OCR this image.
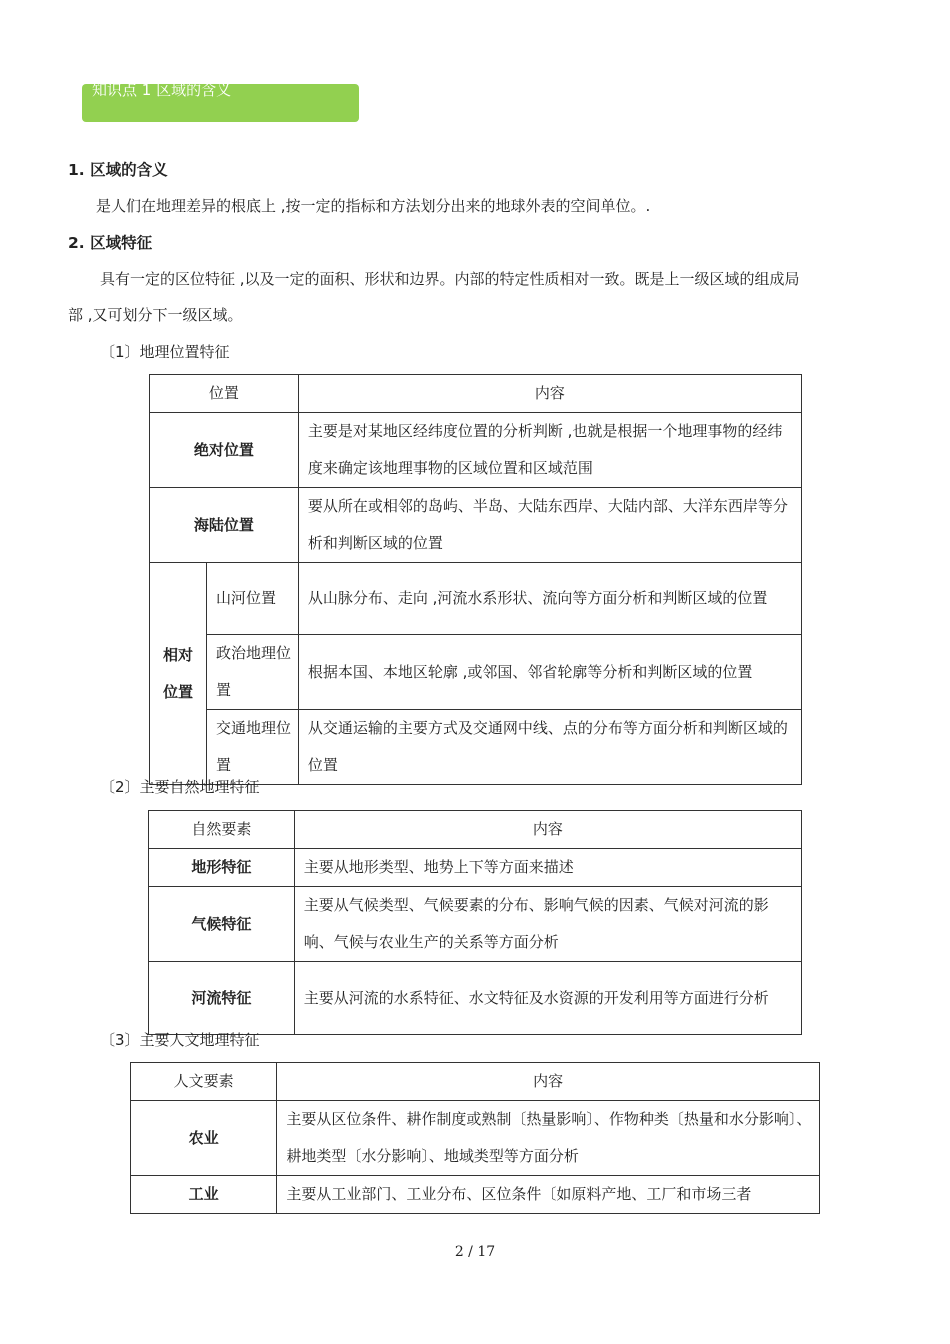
知识点 1 区域的含义
1. 区域的含义
是人们在地理差异的根底上 ,按一定的指标和方法划分出来的地球外表的空间单位。.
2. 区域特征
具有一定的区位特征 ,以及一定的面积、形状和边界。内部的特定性质相对一致。既是上一级区域的组成局
部 ,又可划分下一级区域。
〔1〕地理位置特征
位置		内容
绝对位置		主要是对某地区经纬度位置的分析判断 ,也就是根据一个地理事物的经纬度来确定该地理事物的区域位置和区域范围
海陆位置		要从所在或相邻的岛屿、半岛、大陆东西岸、大陆内部、大洋东西岸等分析和判断区域的位置
相对位置	山河位置	从山脉分布、走向 ,河流水系形状、流向等方面分析和判断区域的位置
	政治地理位置	根据本国、本地区轮廓 ,或邻国、邻省轮廓等分析和判断区域的位置
	交通地理位置	从交通运输的主要方式及交通网中线、点的分布等方面分析和判断区域的位置
〔2〕主要自然地理特征
自然要素	内容
地形特征	主要从地形类型、地势上下等方面来描述
气候特征	主要从气候类型、气候要素的分布、影响气候的因素、气候对河流的影响、气候与农业生产的关系等方面分析
河流特征	主要从河流的水系特征、水文特征及水资源的开发利用等方面进行分析
〔3〕主要人文地理特征
人文要素	内容
农业	主要从区位条件、耕作制度或熟制〔热量影响〕、作物种类〔热量和水分影响〕、耕地类型〔水分影响〕、地域类型等方面分析
工业	主要从工业部门、工业分布、区位条件〔如原料产地、工厂和市场三者
2 / 17
